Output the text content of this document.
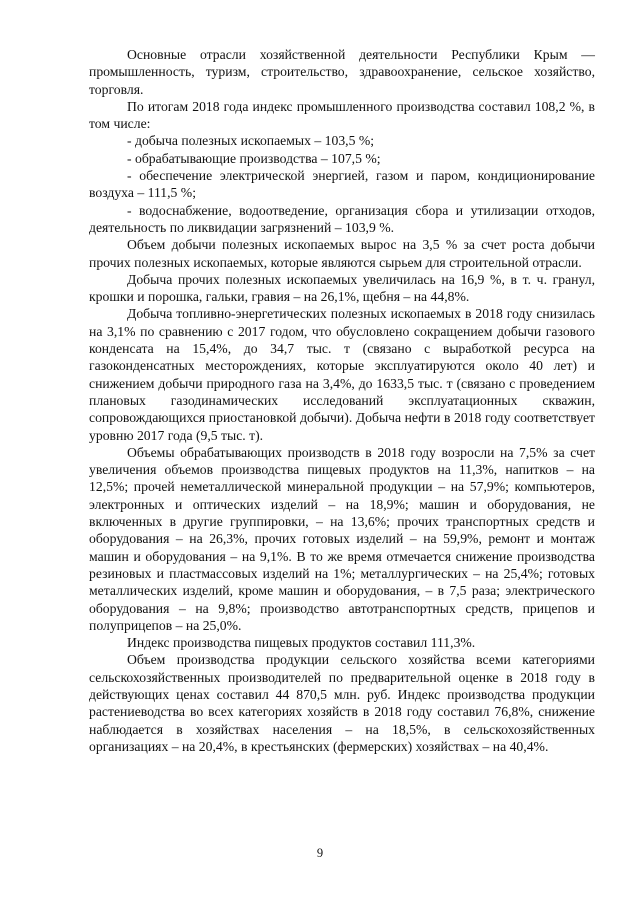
Основные отрасли хозяйственной деятельности Республики Крым — промышленность, туризм, строительство, здравоохранение, сельское хозяйство, торговля.

По итогам 2018 года индекс промышленного производства составил 108,2 %, в том числе:

- добыча полезных ископаемых – 103,5 %;

- обрабатывающие производства – 107,5 %;

- обеспечение электрической энергией, газом и паром, кондиционирование воздуха – 111,5 %;

- водоснабжение, водоотведение, организация сбора и утилизации отходов, деятельность по ликвидации загрязнений – 103,9 %.

Объем добычи полезных ископаемых вырос на 3,5 % за счет роста добычи прочих полезных ископаемых, которые являются сырьем для строительной отрасли.

Добыча прочих полезных ископаемых увеличилась на 16,9 %, в т. ч. гранул, крошки и порошка, гальки, гравия – на 26,1%, щебня – на 44,8%.

Добыча топливно-энергетических полезных ископаемых в 2018 году снизилась на 3,1% по сравнению с 2017 годом, что обусловлено сокращением добычи газового конденсата на 15,4%, до 34,7 тыс. т (связано с выработкой ресурса на газоконденсатных месторождениях, которые эксплуатируются около 40 лет) и снижением добычи природного газа на 3,4%, до 1633,5 тыс. т (связано с проведением плановых газодинамических исследований эксплуатационных скважин, сопровождающихся приостановкой добычи). Добыча нефти в 2018 году соответствует уровню 2017 года (9,5 тыс. т).

Объемы обрабатывающих производств в 2018 году возросли на 7,5% за счет увеличения объемов производства пищевых продуктов на 11,3%, напитков – на 12,5%; прочей неметаллической минеральной продукции – на 57,9%; компьютеров, электронных и оптических изделий – на 18,9%; машин и оборудования, не включенных в другие группировки, – на 13,6%; прочих транспортных средств и оборудования – на 26,3%, прочих готовых изделий – на 59,9%, ремонт и монтаж машин и оборудования – на 9,1%. В то же время отмечается снижение производства резиновых и пластмассовых изделий на 1%; металлургических – на 25,4%; готовых металлических изделий, кроме машин и оборудования, – в 7,5 раза; электрического оборудования – на 9,8%; производство автотранспортных средств, прицепов и полуприцепов – на 25,0%.

Индекс производства пищевых продуктов составил 111,3%.

Объем производства продукции сельского хозяйства всеми категориями сельскохозяйственных производителей по предварительной оценке в 2018 году в действующих ценах составил 44 870,5 млн. руб. Индекс производства продукции растениеводства во всех категориях хозяйств в 2018 году составил 76,8%, снижение наблюдается в хозяйствах населения – на 18,5%, в сельскохозяйственных организациях – на 20,4%, в крестьянских (фермерских) хозяйствах – на 40,4%.

9
